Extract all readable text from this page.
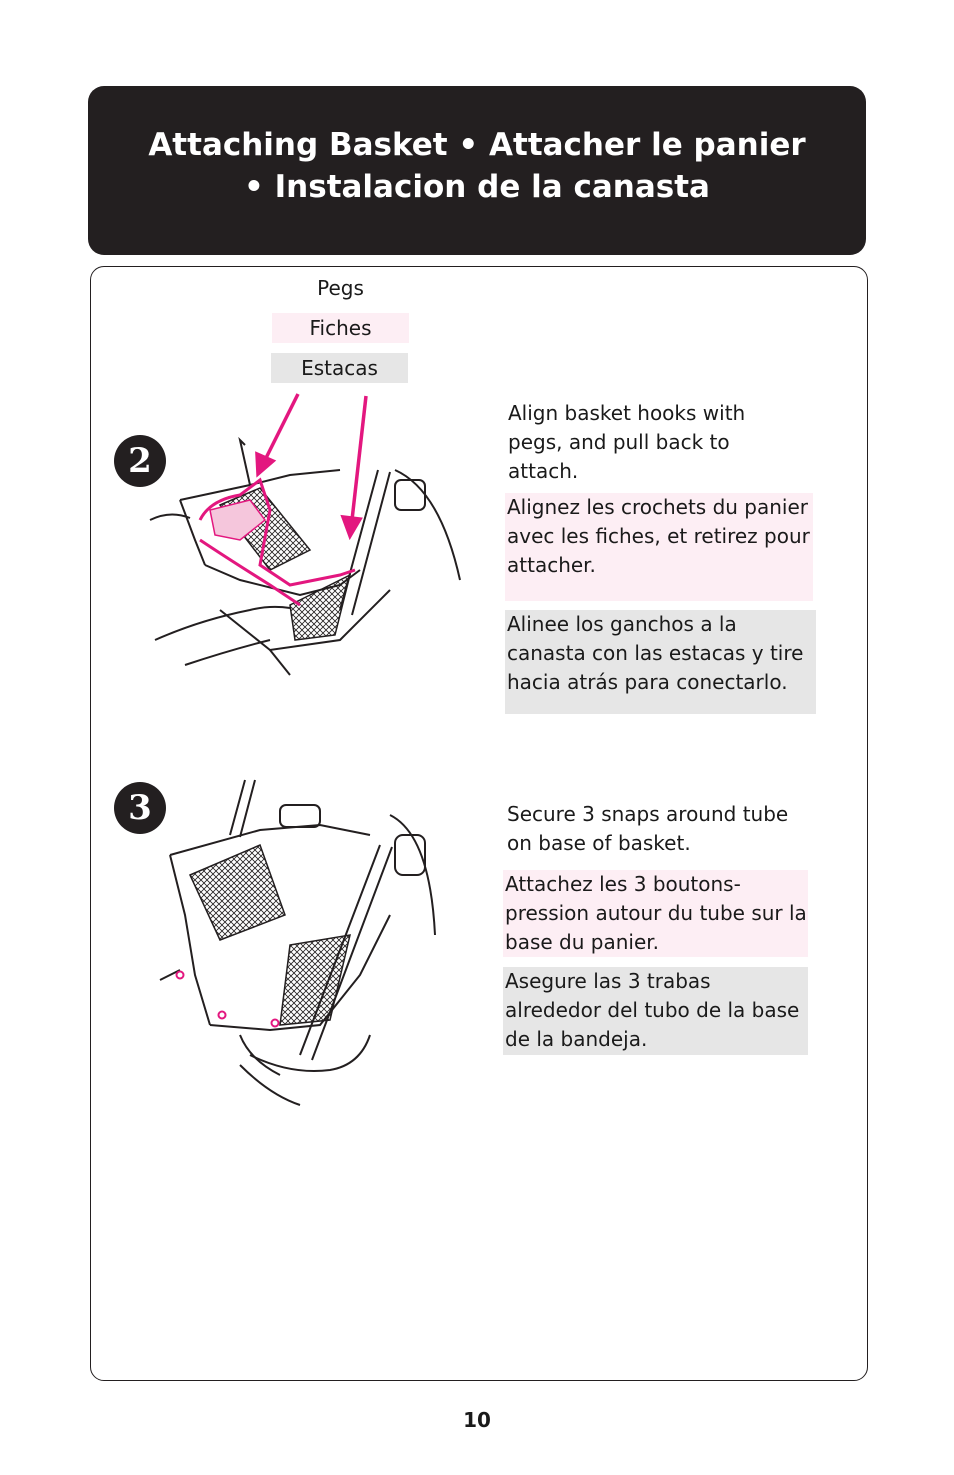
Attaching Basket • Attacher le panier
• Instalacion de la canasta
Pegs
Fiches
Estacas
2
Align basket hooks with pegs, and pull back to attach.
Alignez les crochets du panier avec les fiches, et retirez pour attacher.
Alinee los ganchos a la canasta con las estacas y tire hacia atrás para conectarlo.
3	Secure 3 snaps around tube on base of basket.
Attachez les 3 boutons-pression autour du tube sur la base du panier.
Asegure las 3 trabas alrededor del tubo de la base de la bandeja.
10
